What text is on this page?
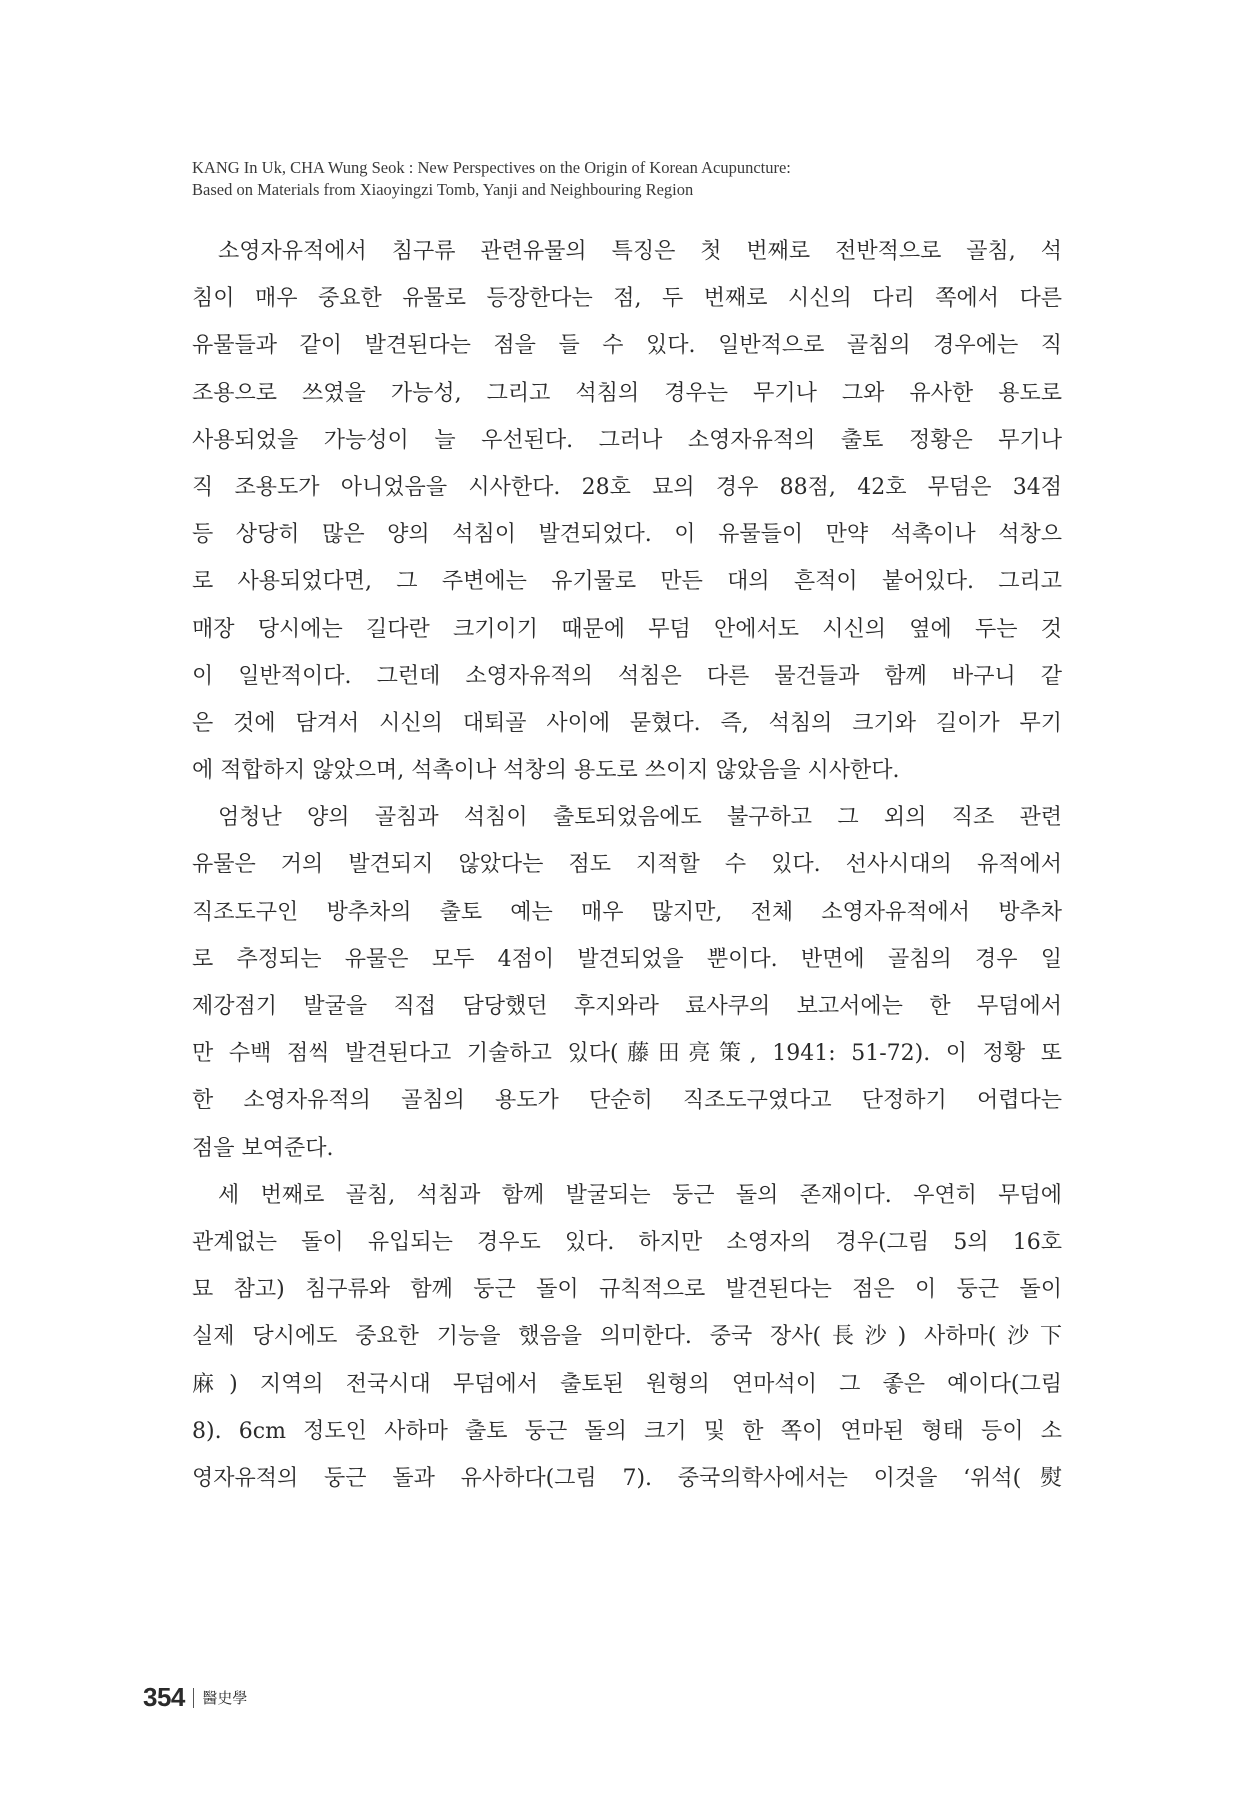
KANG In Uk, CHA Wung Seok : New Perspectives on the Origin of Korean Acupuncture:
Based on Materials from Xiaoyingzi Tomb, Yanji and Neighbouring Region
소영자유적에서 침구류 관련유물의 특징은 첫 번째로 전반적으로 골침, 석
침이 매우 중요한 유물로 등장한다는 점, 두 번째로 시신의 다리 쪽에서 다른
유물들과 같이 발견된다는 점을 들 수 있다. 일반적으로 골침의 경우에는 직
조용으로 쓰였을 가능성, 그리고 석침의 경우는 무기나 그와 유사한 용도로
사용되었을 가능성이 늘 우선된다. 그러나 소영자유적의 출토 정황은 무기나
직 조용도가 아니었음을 시사한다. 28호 묘의 경우 88점, 42호 무덤은 34점
등 상당히 많은 양의 석침이 발견되었다. 이 유물들이 만약 석촉이나 석창으
로 사용되었다면, 그 주변에는 유기물로 만든 대의 흔적이 붙어있다. 그리고
매장 당시에는 길다란 크기이기 때문에 무덤 안에서도 시신의 옆에 두는 것
이 일반적이다. 그런데 소영자유적의 석침은 다른 물건들과 함께 바구니 같
은 것에 담겨서 시신의 대퇴골 사이에 묻혔다. 즉, 석침의 크기와 길이가 무기
에 적합하지 않았으며, 석촉이나 석창의 용도로 쓰이지 않았음을 시사한다.
엄청난 양의 골침과 석침이 출토되었음에도 불구하고 그 외의 직조 관련
유물은 거의 발견되지 않았다는 점도 지적할 수 있다. 선사시대의 유적에서
직조도구인 방추차의 출토 예는 매우 많지만, 전체 소영자유적에서 방추차
로 추정되는 유물은 모두 4점이 발견되었을 뿐이다. 반면에 골침의 경우 일
제강점기 발굴을 직접 담당했던 후지와라 료사쿠의 보고서에는 한 무덤에서
만 수백 점씩 발견된다고 기술하고 있다(藤田亮策, 1941: 51-72). 이 정황 또
한 소영자유적의 골침의 용도가 단순히 직조도구였다고 단정하기 어렵다는
점을 보여준다.
세 번째로 골침, 석침과 함께 발굴되는 둥근 돌의 존재이다. 우연히 무덤에
관계없는 돌이 유입되는 경우도 있다. 하지만 소영자의 경우(그림 5의 16호
묘 참고) 침구류와 함께 둥근 돌이 규칙적으로 발견된다는 점은 이 둥근 돌이
실제 당시에도 중요한 기능을 했음을 의미한다. 중국 장사(長沙) 사하마(沙下
麻) 지역의 전국시대 무덤에서 출토된 원형의 연마석이 그 좋은 예이다(그림
8). 6cm 정도인 사하마 출토 둥근 돌의 크기 및 한 쪽이 연마된 형태 등이 소
영자유적의 둥근 돌과 유사하다(그림 7). 중국의학사에서는 이것을 ‘위석(熨
354 醫史學
